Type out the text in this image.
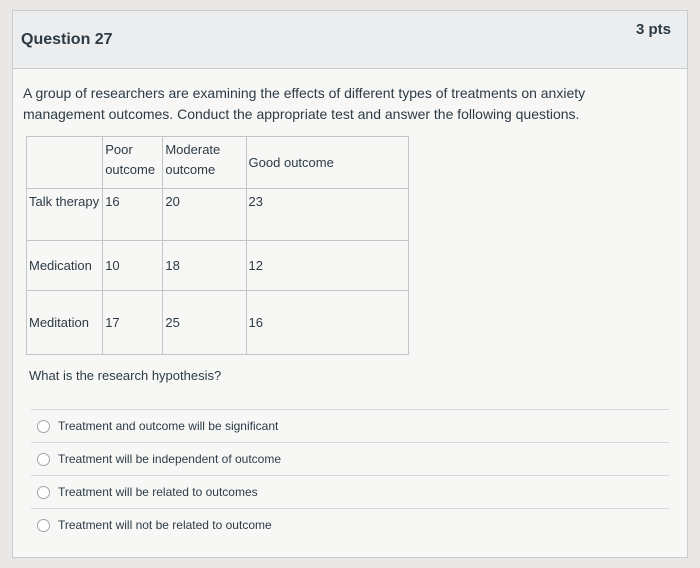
Question 27
3 pts
A group of researchers are examining the effects of different types of treatments on anxiety management outcomes. Conduct the appropriate test and answer the following questions.
	Poor outcome	Moderate outcome	Good outcome
Talk therapy	16	20	23
Medication	10	18	12
Meditation	17	25	16
What is the research hypothesis?
Treatment and outcome will be significant
Treatment will be independent of outcome
Treatment will be related to outcomes
Treatment will not be related to outcome
